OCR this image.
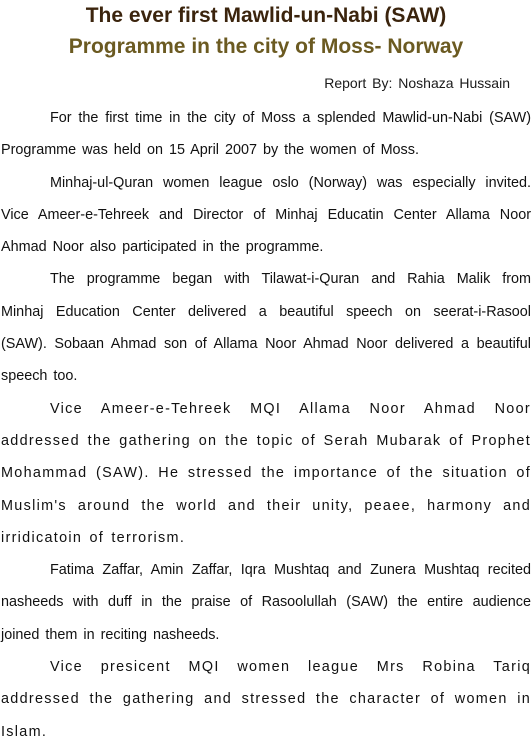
The ever first Mawlid-un-Nabi (SAW)
Programme in the city of Moss- Norway
Report By: Noshaza Hussain

For the first time in the city of Moss a splended Mawlid-un-Nabi (SAW) Programme was held on 15 April 2007 by the women of Moss.

Minhaj-ul-Quran women league oslo (Norway) was especially invited. Vice Ameer-e-Tehreek and Director of Minhaj Educatin Center Allama Noor Ahmad Noor also participated in the programme.

The programme began with Tilawat-i-Quran and Rahia Malik from Minhaj Education Center delivered a beautiful speech on seerat-i-Rasool (SAW). Sobaan Ahmad son of Allama Noor Ahmad Noor delivered a beautiful speech too.

Vice Ameer-e-Tehreek MQI Allama Noor Ahmad Noor addressed the gathering on the topic of Serah Mubarak of Prophet Mohammad (SAW). He stressed the importance of the situation of Muslim's around the world and their unity, peaee, harmony and irridicatoin of terrorism.

Fatima Zaffar, Amin Zaffar, Iqra Mushtaq and Zunera Mushtaq recited nasheeds with duff in the praise of Rasoolullah (SAW) the entire audience joined them in reciting nasheeds.

Vice presicent MQI women league Mrs Robina Tariq addressed the gathering and stressed the character of women in Islam.
